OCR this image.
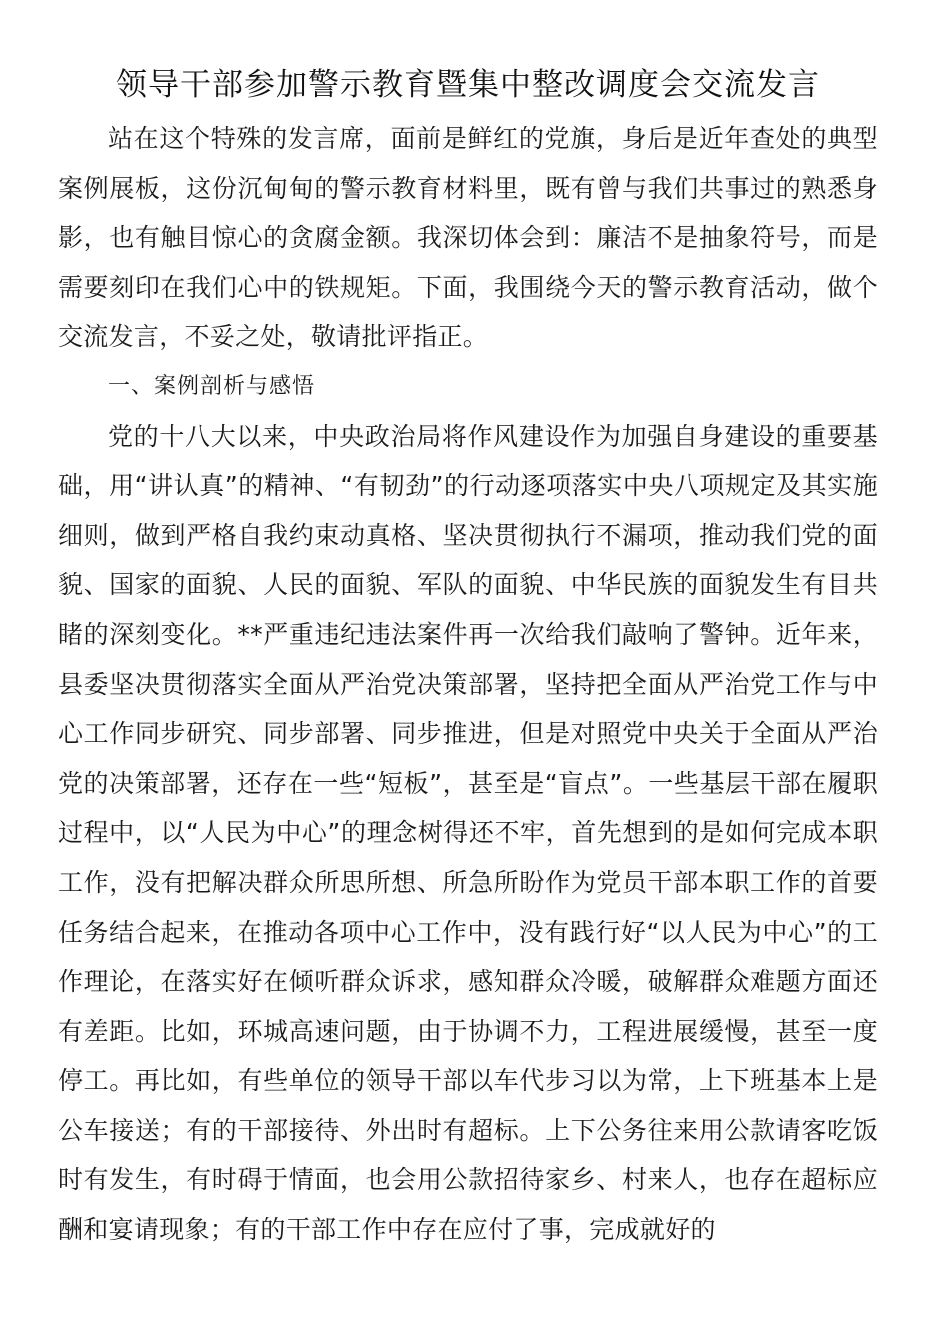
领导干部参加警示教育暨集中整改调度会交流发言

站在这个特殊的发言席，面前是鲜红的党旗，身后是近年查处的典型案例展板，这份沉甸甸的警示教育材料里，既有曾与我们共事过的熟悉身影，也有触目惊心的贪腐金额。我深切体会到：廉洁不是抽象符号，而是需要刻印在我们心中的铁规矩。下面，我围绕今天的警示教育活动，做个交流发言，不妥之处，敬请批评指正。

一、案例剖析与感悟

党的十八大以来，中央政治局将作风建设作为加强自身建设的重要基础，用“讲认真”的精神、“有韧劲”的行动逐项落实中央八项规定及其实施细则，做到严格自我约束动真格、坚决贯彻执行不漏项，推动我们党的面貌、国家的面貌、人民的面貌、军队的面貌、中华民族的面貌发生有目共睹的深刻变化。**严重违纪违法案件再一次给我们敲响了警钟。近年来，县委坚决贯彻落实全面从严治党决策部署，坚持把全面从严治党工作与中心工作同步研究、同步部署、同步推进，但是对照党中央关于全面从严治党的决策部署，还存在一些“短板”，甚至是“盲点”。一些基层干部在履职过程中，以“人民为中心”的理念树得还不牢，首先想到的是如何完成本职工作，没有把解决群众所思所想、所急所盼作为党员干部本职工作的首要任务结合起来，在推动各项中心工作中，没有践行好“以人民为中心”的工作理论，在落实好在倾听群众诉求，感知群众冷暖，破解群众难题方面还有差距。比如，环城高速问题，由于协调不力，工程进展缓慢，甚至一度停工。再比如，有些单位的领导干部以车代步习以为常，上下班基本上是公车接送；有的干部接待、外出时有超标。上下公务往来用公款请客吃饭时有发生，有时碍于情面，也会用公款招待家乡、村来人，也存在超标应酬和宴请现象；有的干部工作中存在应付了事，完成就好的
